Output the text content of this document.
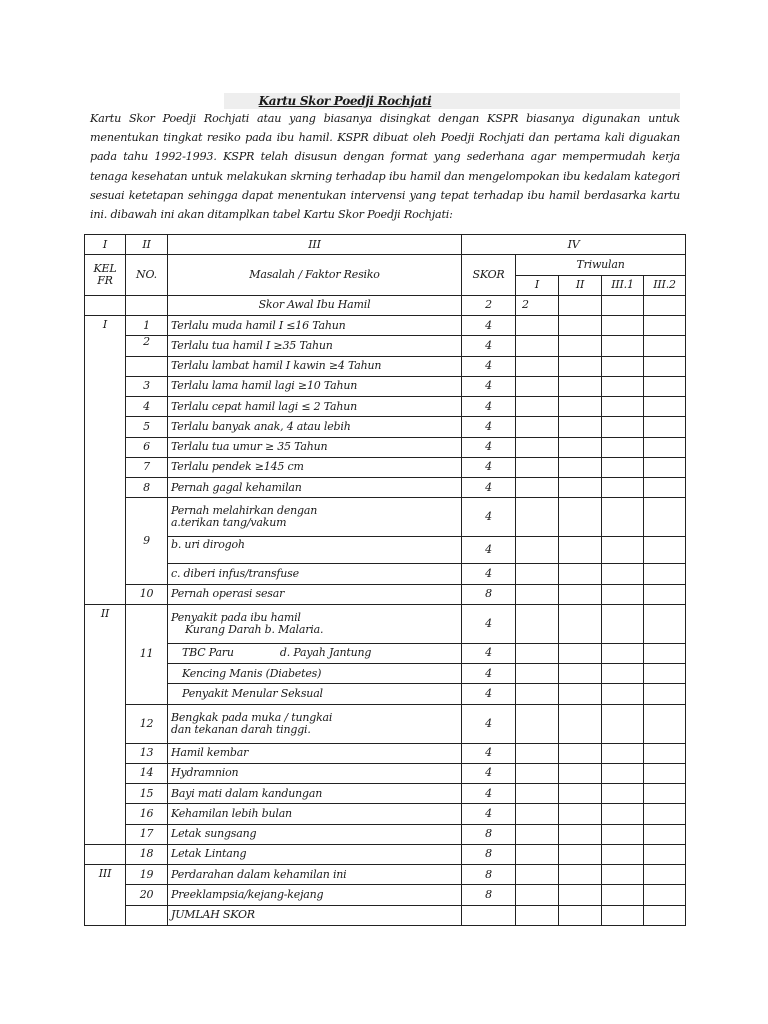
Kartu Skor Poedji Rochjati
Kartu Skor Poedji Rochjati atau yang biasanya disingkat dengan KSPR biasanya digunakan untuk menentukan tingkat resiko pada ibu hamil. KSPR dibuat oleh Poedji Rochjati dan pertama kali diguakan pada tahu 1992-1993. KSPR telah disusun dengan format yang sederhana agar mempermudah kerja tenaga kesehatan untuk melakukan skrning terhadap ibu hamil dan mengelompokan ibu kedalam kategori sesuai ketetapan sehingga dapat menentukan intervensi yang tepat terhadap ibu hamil berdasarka kartu ini. dibawah ini akan ditamplkan tabel Kartu Skor Poedji Rochjati:
I	II	III	IV				
KEL
FR	NO.	Masalah / Faktor Resiko	SKOR	Triwulan			
				I	II	III.1	III.2
		Skor Awal Ibu Hamil	2	2			
I	1	Terlalu muda hamil I ≤16 Tahun	4				
	2	Terlalu tua hamil I ≥35 Tahun	4				
		Terlalu lambat hamil I kawin ≥4 Tahun	4				
	3	Terlalu lama hamil lagi ≥10 Tahun	4				
	4	Terlalu cepat hamil lagi ≤ 2 Tahun	4				
	5	Terlalu banyak anak, 4 atau lebih	4				
	6	Terlalu tua umur ≥ 35 Tahun	4				
	7	Terlalu pendek ≥145 cm	4				
	8	Pernah gagal kehamilan	4				
	9	Pernah melahirkan dengan
a.terikan tang/vakum	4				
		b. uri dirogoh	4				
		c. diberi infus/transfuse	4				
	10	Pernah operasi sesar	8				
II	11	Penyakit pada ibu hamil
Kurang Darah b. Malaria.	4				
		TBC Paru              d. Payah Jantung	4				
		Kencing Manis (Diabetes)	4				
		Penyakit Menular Seksual	4				
	12	Bengkak pada muka / tungkai
dan tekanan darah tinggi.	4				
	13	Hamil kembar	4				
	14	Hydramnion	4				
	15	Bayi mati dalam kandungan	4				
	16	Kehamilan lebih bulan	4				
	17	Letak sungsang	8				
	18	Letak Lintang	8				
III	19	Perdarahan dalam kehamilan ini	8				
	20	Preeklampsia/kejang-kejang	8				
		JUMLAH SKOR					
